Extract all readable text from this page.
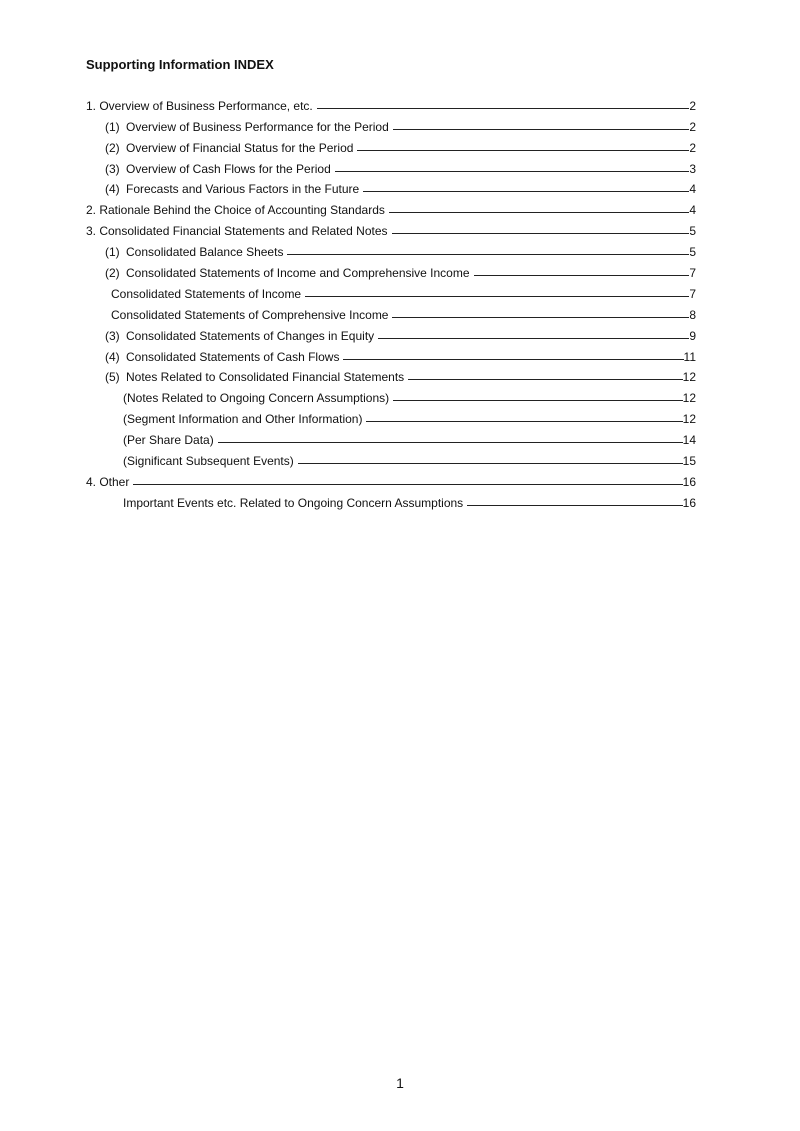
Supporting Information INDEX
1. Overview of Business Performance, etc.	2
(1) Overview of Business Performance for the Period	2
(2) Overview of Financial Status for the Period	2
(3) Overview of Cash Flows for the Period	3
(4) Forecasts and Various Factors in the Future	4
2. Rationale Behind the Choice of Accounting Standards	4
3. Consolidated Financial Statements and Related Notes	5
(1) Consolidated Balance Sheets	5
(2) Consolidated Statements of Income and Comprehensive Income	7
Consolidated Statements of Income	7
Consolidated Statements of Comprehensive Income	8
(3) Consolidated Statements of Changes in Equity	9
(4) Consolidated Statements of Cash Flows	11
(5) Notes Related to Consolidated Financial Statements	12
(Notes Related to Ongoing Concern Assumptions)	12
(Segment Information and Other Information)	12
(Per Share Data)	14
(Significant Subsequent Events)	15
4. Other	16
Important Events etc. Related to Ongoing Concern Assumptions	16
1
